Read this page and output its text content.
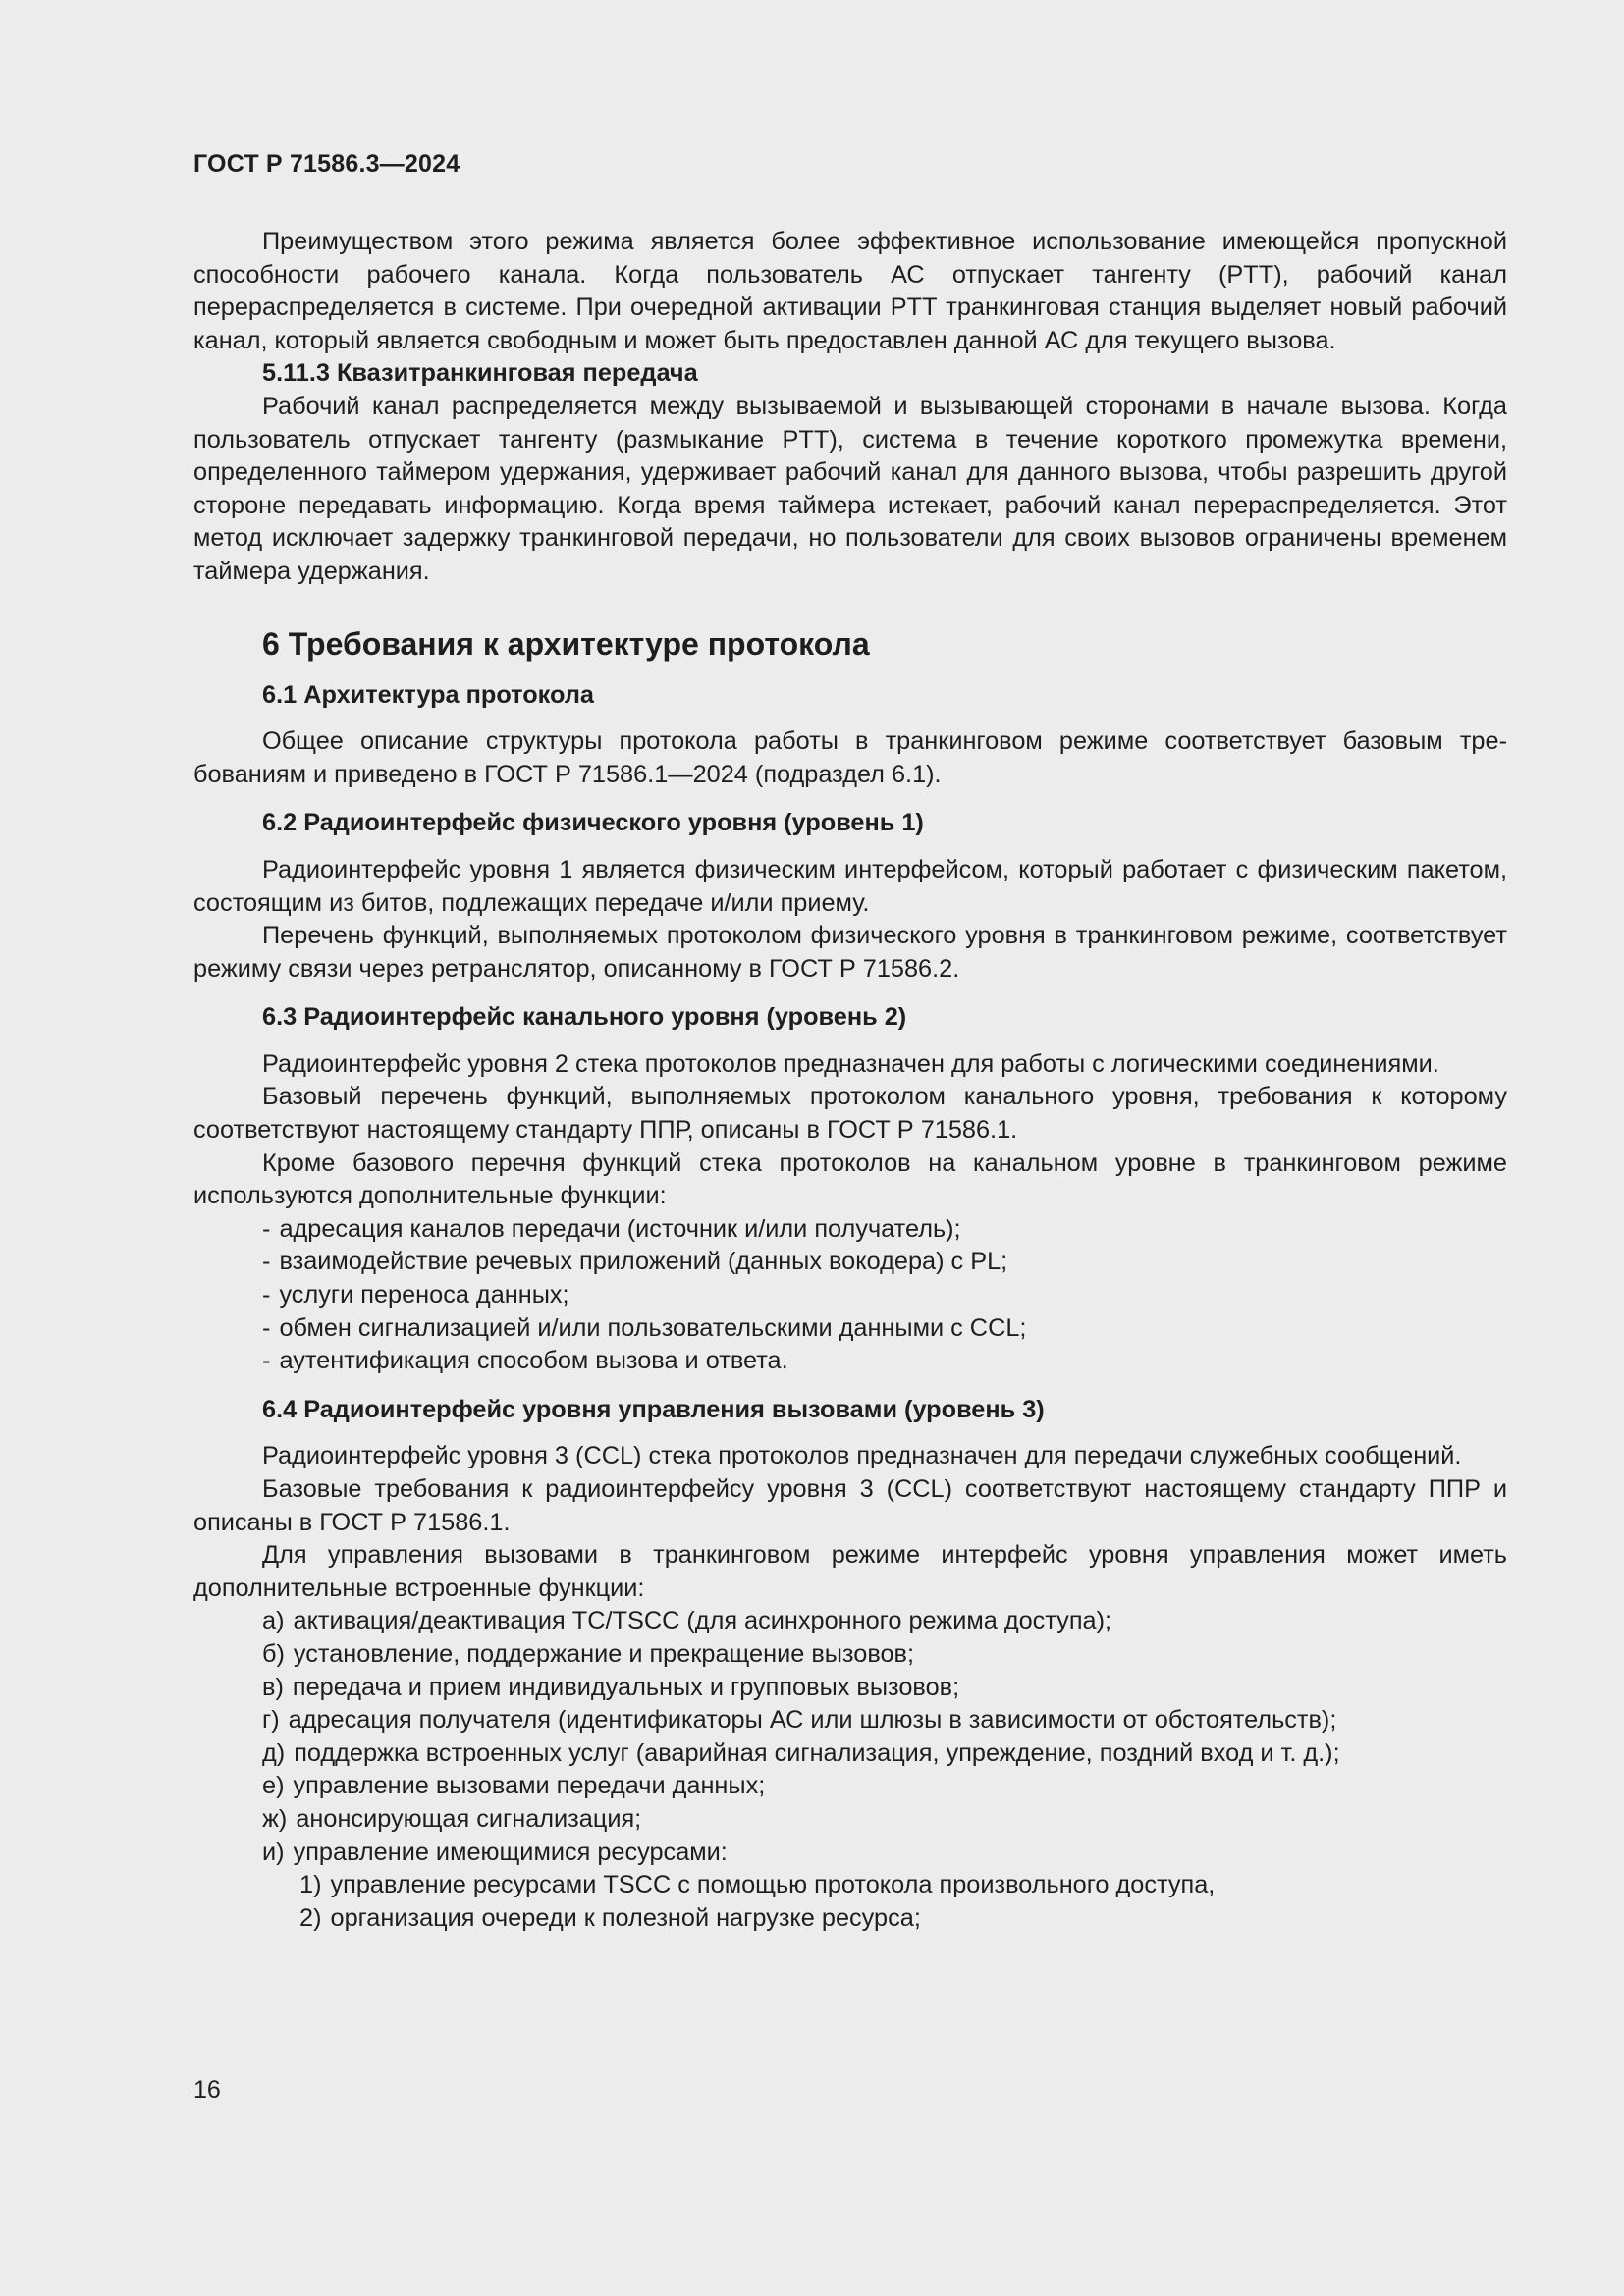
ГОСТ Р 71586.3—2024

Преимуществом этого режима является более эффективное использование имеющейся пропускной способности рабочего канала. Когда пользователь АС отпускает тангенту (PTT), рабочий канал перераспределяется в системе. При очередной активации PTT транкинговая станция выделяет новый рабочий канал, который является свободным и может быть предоставлен данной АС для текущего вызова.

5.11.3 Квазитранкинговая передача

Рабочий канал распределяется между вызываемой и вызывающей сторонами в начале вызова. Когда пользователь отпускает тангенту (размыкание PTT), система в течение короткого промежутка времени, определенного таймером удержания, удерживает рабочий канал для данного вызова, чтобы разрешить другой стороне передавать информацию. Когда время таймера истекает, рабочий канал перераспределяется. Этот метод исключает задержку транкинговой передачи, но пользователи для своих вызовов ограничены временем таймера удержания.

6 Требования к архитектуре протокола
6.1 Архитектура протокола

Общее описание структуры протокола работы в транкинговом режиме соответствует базовым требованиям и приведено в ГОСТ Р 71586.1—2024 (подраздел 6.1).

6.2 Радиоинтерфейс физического уровня (уровень 1)

Радиоинтерфейс уровня 1 является физическим интерфейсом, который работает с физическим пакетом, состоящим из битов, подлежащих передаче и/или приему.

Перечень функций, выполняемых протоколом физического уровня в транкинговом режиме, соответствует режиму связи через ретранслятор, описанному в ГОСТ Р 71586.2.

6.3 Радиоинтерфейс канального уровня (уровень 2)

Радиоинтерфейс уровня 2 стека протоколов предназначен для работы с логическими соединениями.

Базовый перечень функций, выполняемых протоколом канального уровня, требования к которому соответствуют настоящему стандарту ППР, описаны в ГОСТ Р 71586.1.

Кроме базового перечня функций стека протоколов на канальном уровне в транкинговом режиме используются дополнительные функции:

- адресация каналов передачи (источник и/или получатель);
- взаимодействие речевых приложений (данных вокодера) с PL;
- услуги переноса данных;
- обмен сигнализацией и/или пользовательскими данными с CCL;
- аутентификация способом вызова и ответа.
6.4 Радиоинтерфейс уровня управления вызовами (уровень 3)

Радиоинтерфейс уровня 3 (CCL) стека протоколов предназначен для передачи служебных сообщений.

Базовые требования к радиоинтерфейсу уровня 3 (CCL) соответствуют настоящему стандарту ППР и описаны в ГОСТ Р 71586.1.

Для управления вызовами в транкинговом режиме интерфейс уровня управления может иметь дополнительные встроенные функции:

а) активация/деактивация TC/TSCC (для асинхронного режима доступа);
б) установление, поддержание и прекращение вызовов;
в) передача и прием индивидуальных и групповых вызовов;
г) адресация получателя (идентификаторы АС или шлюзы в зависимости от обстоятельств);
д) поддержка встроенных услуг (аварийная сигнализация, упреждение, поздний вход и т. д.);
е) управление вызовами передачи данных;
ж) анонсирующая сигнализация;
и) управление имеющимися ресурсами:
1) управление ресурсами TSCC с помощью протокола произвольного доступа,
2) организация очереди к полезной нагрузке ресурса;

16
